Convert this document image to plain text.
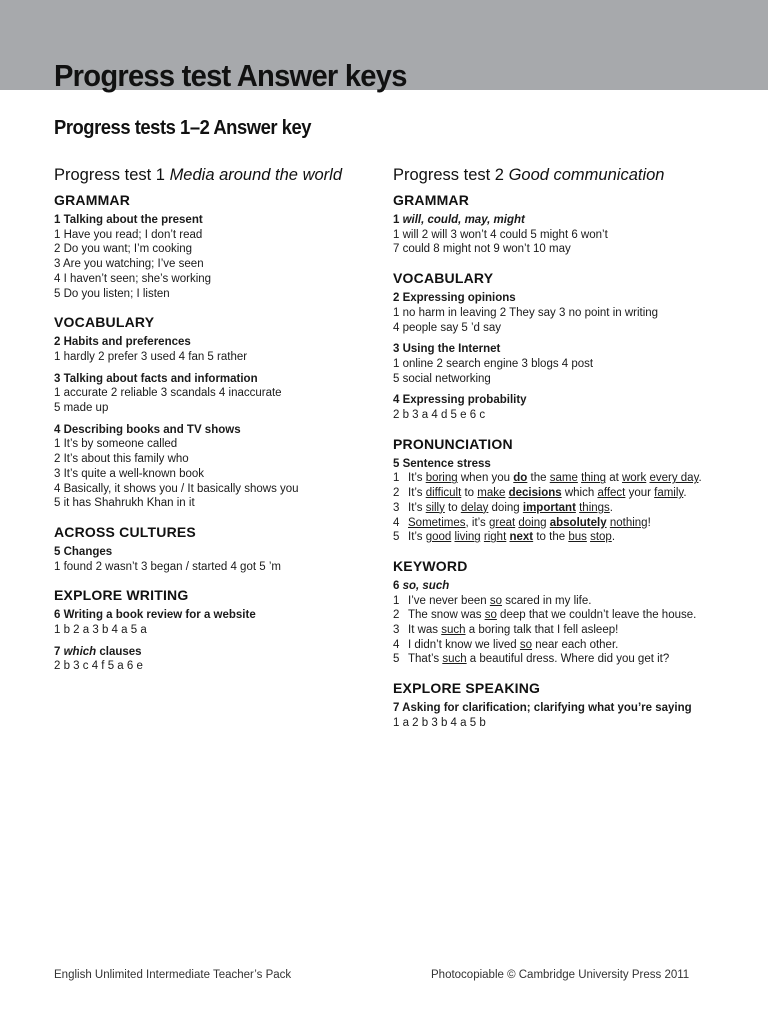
Progress test Answer keys
Progress tests 1–2 Answer key
Progress test 1 Media around the world
GRAMMAR
1 Talking about the present
1 Have you read; I don’t read
2 Do you want; I’m cooking
3 Are you watching; I’ve seen
4 I haven’t seen; she’s working
5 Do you listen; I listen
VOCABULARY
2 Habits and preferences
1 hardly 2 prefer 3 used 4 fan 5 rather
3 Talking about facts and information
1 accurate 2 reliable 3 scandals 4 inaccurate
5 made up
4 Describing books and TV shows
1 It’s by someone called
2 It’s about this family who
3 It’s quite a well-known book
4 Basically, it shows you / It basically shows you
5 it has Shahrukh Khan in it
ACROSS CULTURES
5 Changes
1 found 2 wasn’t 3 began / started 4 got 5 ’m
EXPLORE WRITING
6 Writing a book review for a website
1 b 2 a 3 b 4 a 5 a
7 which clauses
2 b 3 c 4 f 5 a 6 e
Progress test 2 Good communication
GRAMMAR
1 will, could, may, might
1 will 2 will 3 won’t 4 could 5 might 6 won’t
7 could 8 might not 9 won’t 10 may
VOCABULARY
2 Expressing opinions
1 no harm in leaving 2 They say 3 no point in writing
4 people say 5 ’d say
3 Using the Internet
1 online 2 search engine 3 blogs 4 post
5 social networking
4 Expressing probability
2 b 3 a 4 d 5 e 6 c
PRONUNCIATION
5 Sentence stress
1 It’s boring when you do the same thing at work every day.
2 It’s difficult to make decisions which affect your family.
3 It’s silly to delay doing important things.
4 Sometimes, it’s great doing absolutely nothing!
5 It’s good living right next to the bus stop.
KEYWORD
6 so, such
1 I’ve never been so scared in my life.
2 The snow was so deep that we couldn’t leave the house.
3 It was such a boring talk that I fell asleep!
4 I didn’t know we lived so near each other.
5 That’s such a beautiful dress. Where did you get it?
EXPLORE SPEAKING
7 Asking for clarification; clarifying what you’re saying
1 a 2 b 3 b 4 a 5 b
English Unlimited Intermediate Teacher’s Pack	Photocopiable © Cambridge University Press 2011
